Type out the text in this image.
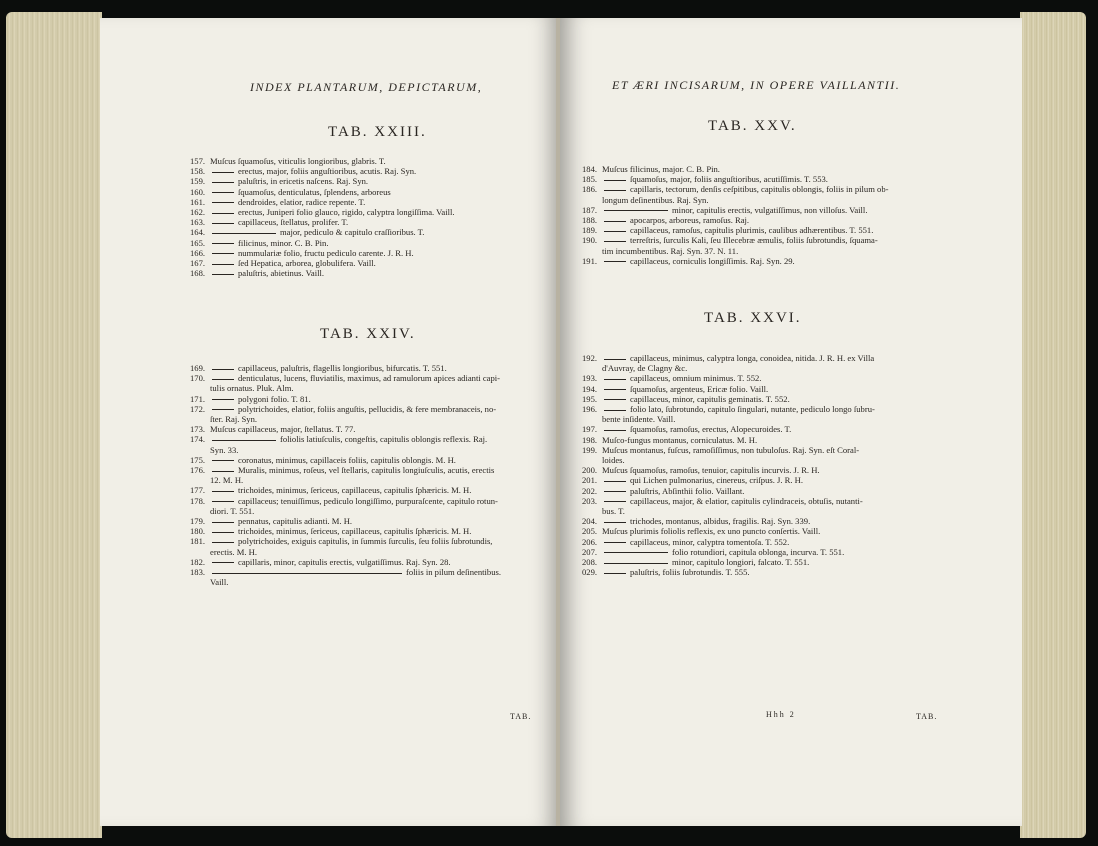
INDEX PLANTARUM, DEPICTARUM,
TAB. XXIII.
157. Muſcus ſquamoſus, viticulis longioribus, glabris. T.
158.	erectus, major, foliis anguſtioribus, acutis. Raj. Syn.
159.	paluſtris, in ericetis naſcens. Raj. Syn.
160.	ſquamoſus, denticulatus, ſplendens, arboreus
161.	dendroides, elatior, radice repente. T.
162.	erectus, Juniperi folio glauco, rigido, calyptra longiſſima. Vaill.
163.	capillaceus, ſtellatus, prolifer. T.
164.	major, pediculo & capitulo craſſioribus. T.
165.	filicinus, minor. C. B. Pin.
166.	nummulariæ folio, fructu pediculo carente. J. R. H.
167.	ſed Hepatica, arborea, globulifera. Vaill.
168.	paluſtris, abietinus. Vaill.
TAB. XXIV.
169.	capillaceus, paluſtris, flagellis longioribus, bifurcatis. T. 551.
170.	denticulatus, lucens, fluviatilis, maximus, ad ramulorum apices adianti capi-
tulis ornatus. Pluk. Alm.
171.	polygoni folio. T. 81.
172.	polytrichoides, elatior, foliis anguſtis, pellucidis, & fere membranaceis, no-
ſter. Raj. Syn.
173. Muſcus capillaceus, major, ſtellatus. T. 77.
174.	foliolis latiuſculis, congeſtis, capitulis oblongis reflexis. Raj.
Syn. 33.
175.	coronatus, minimus, capillaceis foliis, capitulis oblongis. M. H.
176.	Muralis, minimus, roſeus, vel ſtellaris, capitulis longiuſculis, acutis, erectis
12. M. H.
177.	trichoides, minimus, ſericeus, capillaceus, capitulis ſphæricis. M. H.
178.	capillaceus; tenuiſſimus, pediculo longiſſimo, purpuraſcente, capitulo rotun-
diori. T. 551.
179.	pennatus, capitulis adianti. M. H.
180.	trichoides, minimus, ſericeus, capillaceus, capitulis ſphæricis. M. H.
181.	polytrichoides, exiguis capitulis, in ſummis ſurculis, ſeu foliis ſubrotundis,
erectis. M. H.
182.	capillaris, minor, capitulis erectis, vulgatiſſimus. Raj. Syn. 28.
183.	foliis in pilum deſinentibus.
Vaill.
TAB.
ET ÆRI INCISARUM, IN OPERE VAILLANTII.
TAB. XXV.
184. Muſcus filicinus, major. C. B. Pin.
185.	ſquamoſus, major, foliis anguſtioribus, acutiſſimis. T. 553.
186.	capillaris, tectorum, denſis ceſpitibus, capitulis oblongis, foliis in pilum ob-
longum deſinentibus. Raj. Syn.
187.	minor, capitulis erectis, vulgatiſſimus, non villoſus. Vaill.
188.	apocarpos, arboreus, ramoſus. Raj.
189.	capillaceus, ramoſus, capitulis plurimis, caulibus adhærentibus. T. 551.
190.	terreſtris, ſurculis Kali, ſeu Illecebræ æmulis, foliis ſubrotundis, ſquama-
tim incumbentibus. Raj. Syn. 37. N. 11.
191.	capillaceus, corniculis longiſſimis. Raj. Syn. 29.
TAB. XXVI.
192.	capillaceus, minimus, calyptra longa, conoidea, nitida. J. R. H. ex Villa
d'Auvray, de Clagny &c.
193.	capillaceus, omnium minimus. T. 552.
194.	ſquamoſus, argenteus, Ericæ folio. Vaill.
195.	capillaceus, minor, capitulis geminatis. T. 552.
196.	folio lato, ſubrotundo, capitulo ſingulari, nutante, pediculo longo ſubru-
bente inſidente. Vaill.
197.	ſquamoſus, ramoſus, erectus, Alopecuroides. T.
198. Muſco-fungus montanus, corniculatus. M. H.
199. Muſcus montanus, fuſcus, ramoſiſſimus, non tubuloſus. Raj. Syn. eſt Coral-
loides.
200. Muſcus ſquamoſus, ramoſus, tenuior, capitulis incurvis. J. R. H.
201.	qui Lichen pulmonarius, cinereus, criſpus. J. R. H.
202.	paluſtris, Abſinthii folio. Vaillant.
203.	capillaceus, major, & elatior, capitulis cylindraceis, obtuſis, nutanti-
bus. T.
204.	trichodes, montanus, albidus, fragilis. Raj. Syn. 339.
205. Muſcus plurimis foliolis reflexis, ex uno puncto conſertis. Vaill.
206.	capillaceus, minor, calyptra tomentoſa. T. 552.
207.	folio rotundiori, capitula oblonga, incurva. T. 551.
208.	minor, capitulo longiori, falcato. T. 551.
029.	paluſtris, foliis ſubrotundis. T. 555.
Hhh 2	TAB.
